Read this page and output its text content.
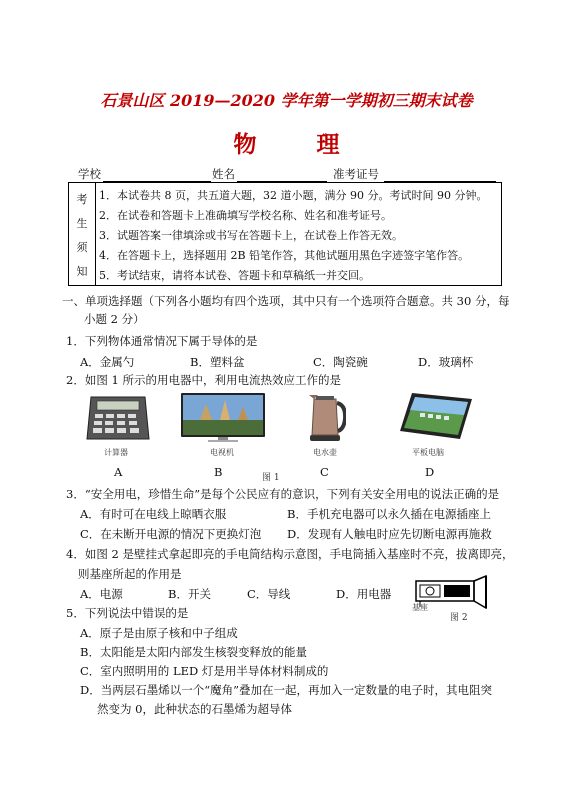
石景山区 2019—2020 学年第一学期初三期末试卷
物 理
学校	姓名	准考证号
考
生
须
知
1．本试卷共 8 页，共五道大题，32 道小题，满分 90 分。考试时间 90 分钟。
2．在试卷和答题卡上准确填写学校名称、姓名和准考证号。
3．试题答案一律填涂或书写在答题卡上，在试卷上作答无效。
4．在答题卡上，选择题用 2B 铅笔作答，其他试题用黑色字迹签字笔作答。
5．考试结束，请将本试卷、答题卡和草稿纸一并交回。
一、单项选择题（下列各小题均有四个选项，其中只有一个选项符合题意。共 30 分，每
小题 2 分）
1．下列物体通常情况下属于导体的是
A．金属勺	B．塑料盆	C．陶瓷碗	D．玻璃杯
2．如图 1 所示的用电器中，利用电流热效应工作的是
计算器	电视机	电水壶	平板电脑
A	B	图 1	C	D
3．“安全用电，珍惜生命”是每个公民应有的意识，下列有关安全用电的说法正确的是
A．有时可在电线上晾晒衣服	B．手机充电器可以永久插在电源插座上
C．在未断开电源的情况下更换灯泡 D．发现有人触电时应先切断电源再施救
4．如图 2 是壁挂式拿起即亮的手电筒结构示意图，手电筒插入基座时不亮，拔离即亮，
则基座所起的作用是
A．电源	B．开关	C．导线	D．用电器
基座
图 2
5．下列说法中错误的是
A．原子是由原子核和中子组成
B．太阳能是太阳内部发生核裂变释放的能量
C．室内照明用的 LED 灯是用半导体材料制成的
D．当两层石墨烯以一个“魔角”叠加在一起，再加入一定数量的电子时，其电阻突
然变为 0，此种状态的石墨烯为超导体
